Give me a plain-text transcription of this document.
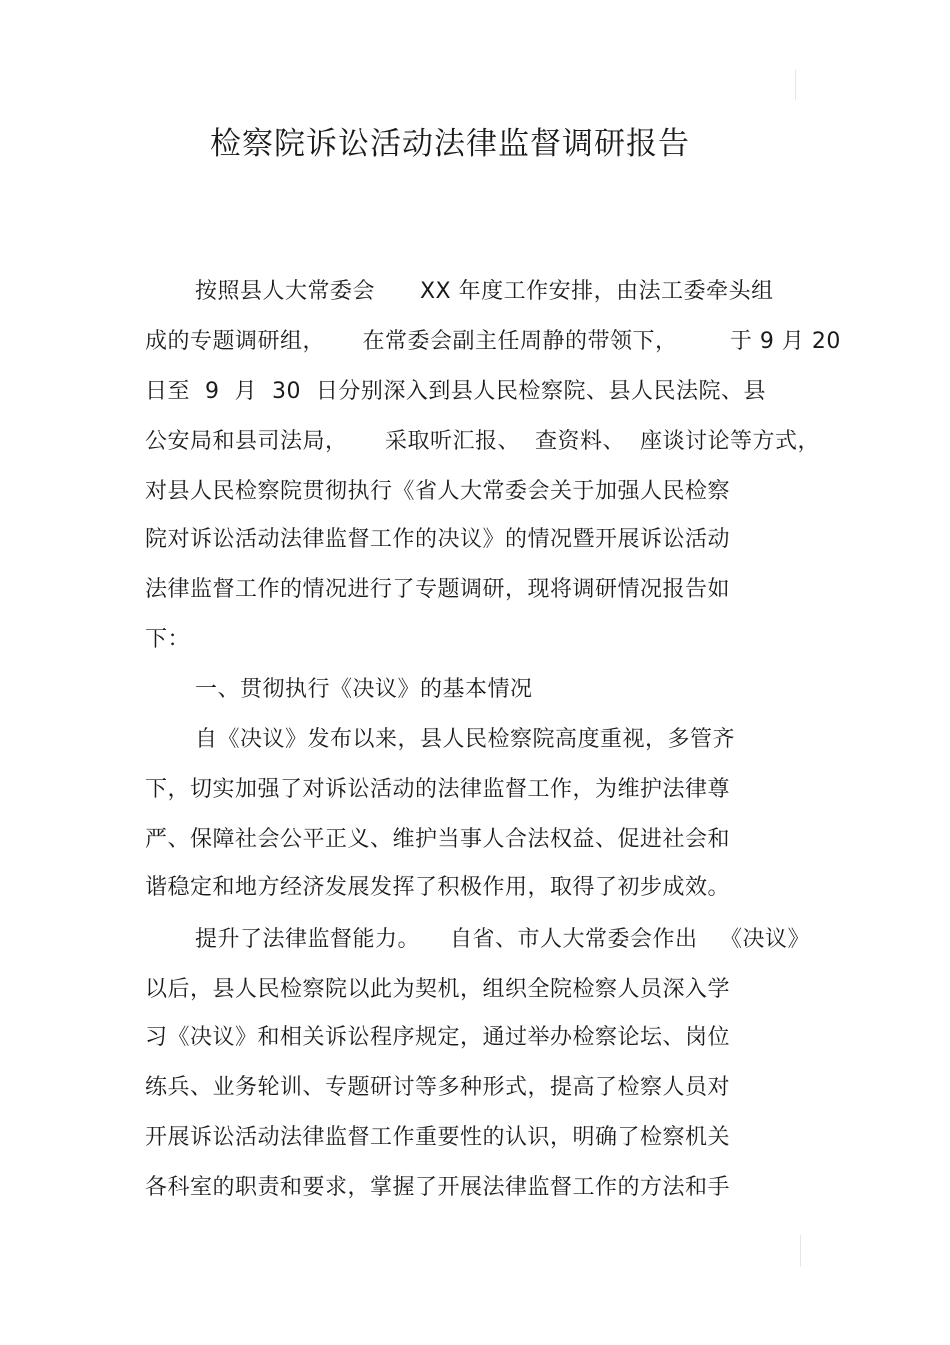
检察院诉讼活动法律监督调研报告
按照县人大常委会      XX 年度工作安排，由法工委牵头组
成的专题调研组，     在常委会副主任周静的带领下，       于 9 月 20
日至  9  月  30  日分别深入到县人民检察院、县人民法院、县
公安局和县司法局，     采取听汇报、  查资料、  座谈讨论等方式，
对县人民检察院贯彻执行《省人大常委会关于加强人民检察
院对诉讼活动法律监督工作的决议》的情况暨开展诉讼活动
法律监督工作的情况进行了专题调研，现将调研情况报告如
下：
一、贯彻执行《决议》的基本情况
自《决议》发布以来，县人民检察院高度重视，多管齐
下，切实加强了对诉讼活动的法律监督工作，为维护法律尊
严、保障社会公平正义、维护当事人合法权益、促进社会和
谐稳定和地方经济发展发挥了积极作用，取得了初步成效。
提升了法律监督能力。    自省、市人大常委会作出   《决议》
以后，县人民检察院以此为契机，组织全院检察人员深入学
习《决议》和相关诉讼程序规定，通过举办检察论坛、岗位
练兵、业务轮训、专题研讨等多种形式，提高了检察人员对
开展诉讼活动法律监督工作重要性的认识，明确了检察机关
各科室的职责和要求，掌握了开展法律监督工作的方法和手
